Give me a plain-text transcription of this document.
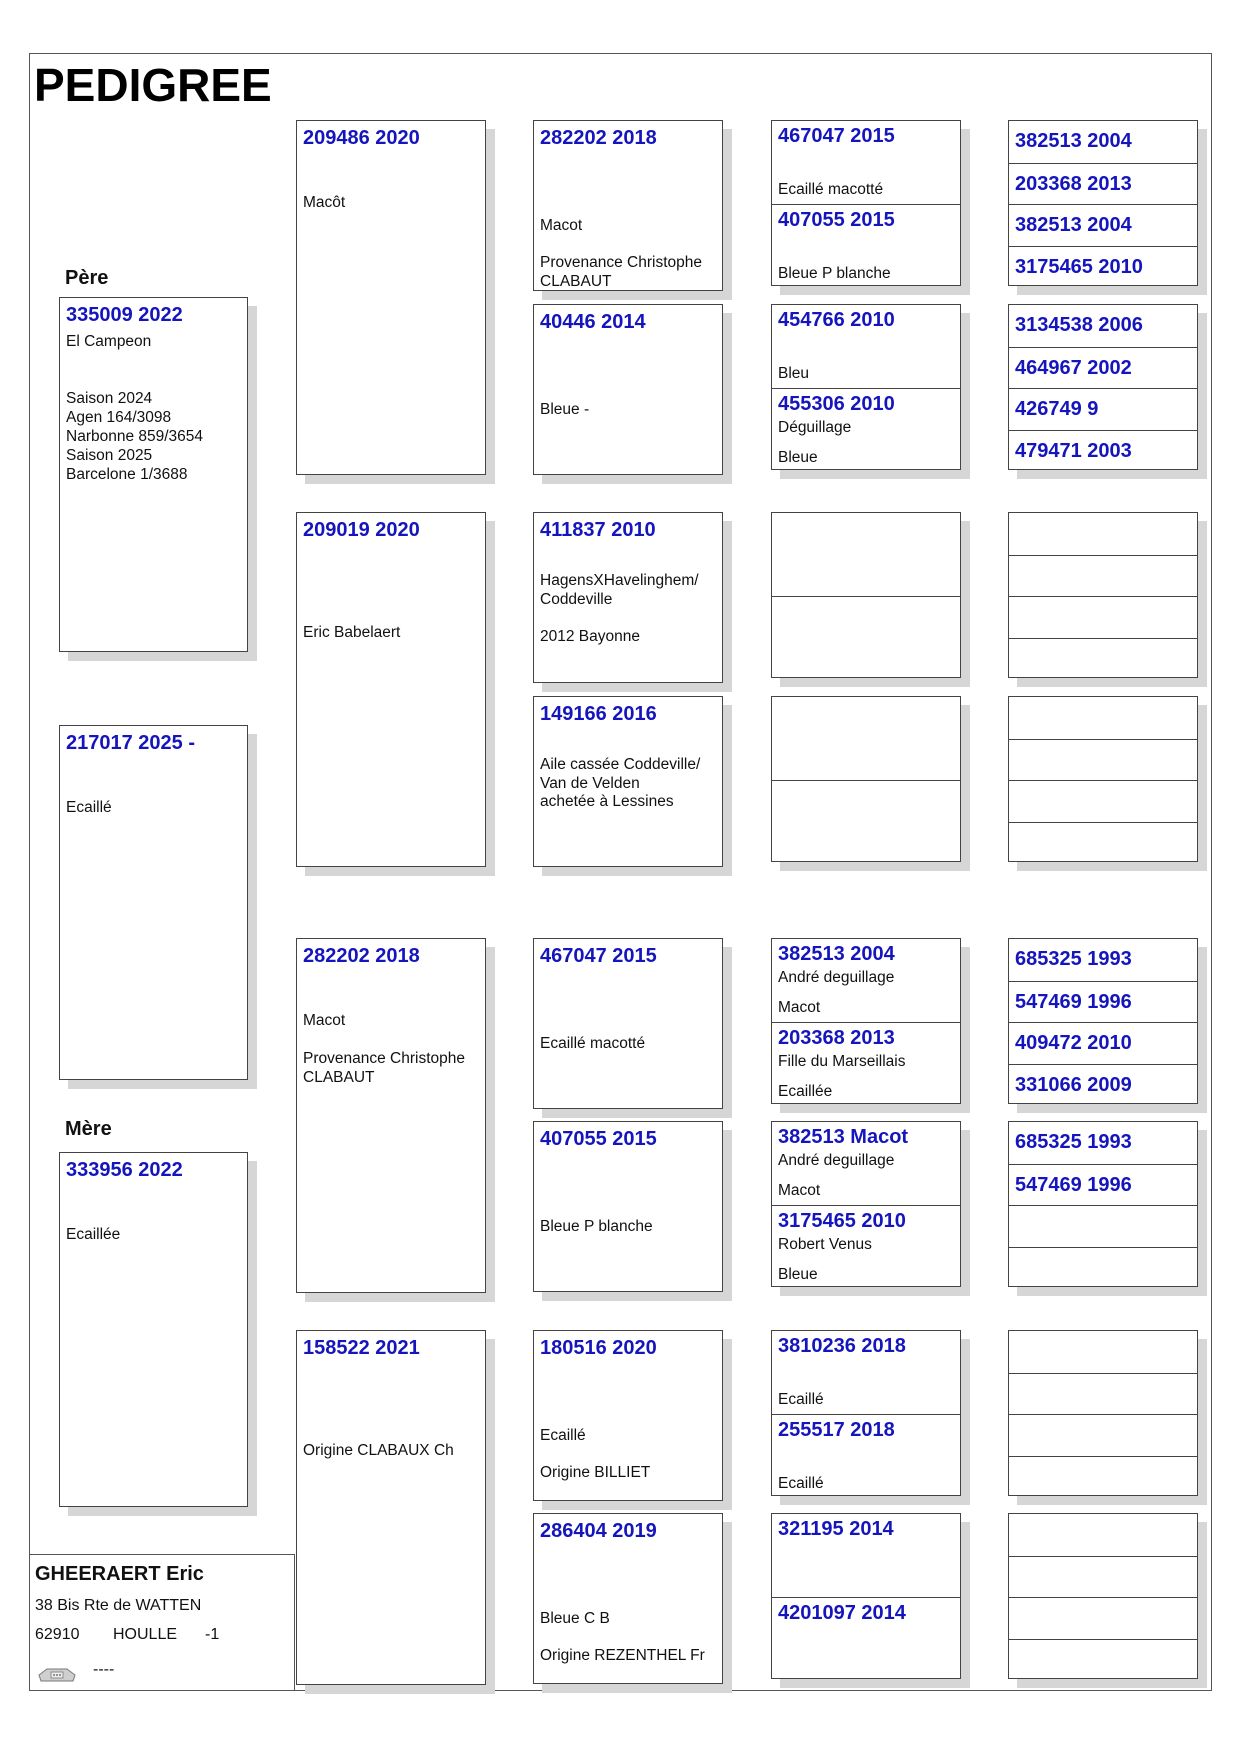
PEDIGREE
Père
Mère
335009 2022
El Campeon
Saison 2024
Agen 164/3098
Narbonne 859/3654
Saison 2025
Barcelone 1/3688
217017 2025 -
Ecaillé
333956 2022
Ecaillée
209486 2020
Macôt
209019 2020
Eric Babelaert
282202 2018
Macot
Provenance Christophe
CLABAUT
158522 2021
Origine CLABAUX Ch
282202 2018
Macot
Provenance Christophe
CLABAUT
40446 2014
Bleue -
411837 2010
HagensXHavelinghem/
Coddeville
2012 Bayonne
149166 2016
Aile cassée Coddeville/
Van de Velden
achetée à Lessines
467047 2015
Ecaillé macotté
407055 2015
Bleue P blanche
180516 2020
Ecaillé
Origine BILLIET
286404 2019
Bleue C B
Origine REZENTHEL Fr
467047 2015
Ecaillé macotté
407055 2015
Bleue P blanche
454766 2010
Bleu
455306 2010
Déguillage
Bleue
382513 2004
André deguillage
Macot
203368 2013
Fille du Marseillais
Ecaillée
382513 Macot
André deguillage
Macot
3175465 2010
Robert Venus
Bleue
3810236 2018
Ecaillé
255517 2018
Ecaillé
321195 2014
4201097 2014
382513 2004
203368 2013
382513 2004
3175465 2010
3134538 2006
464967 2002
426749 9
479471 2003
685325 1993
547469 1996
409472 2010
331066 2009
685325 1993
547469 1996
GHEERAERT Eric
38 Bis Rte de WATTEN
62910 HOULLE -1
----
